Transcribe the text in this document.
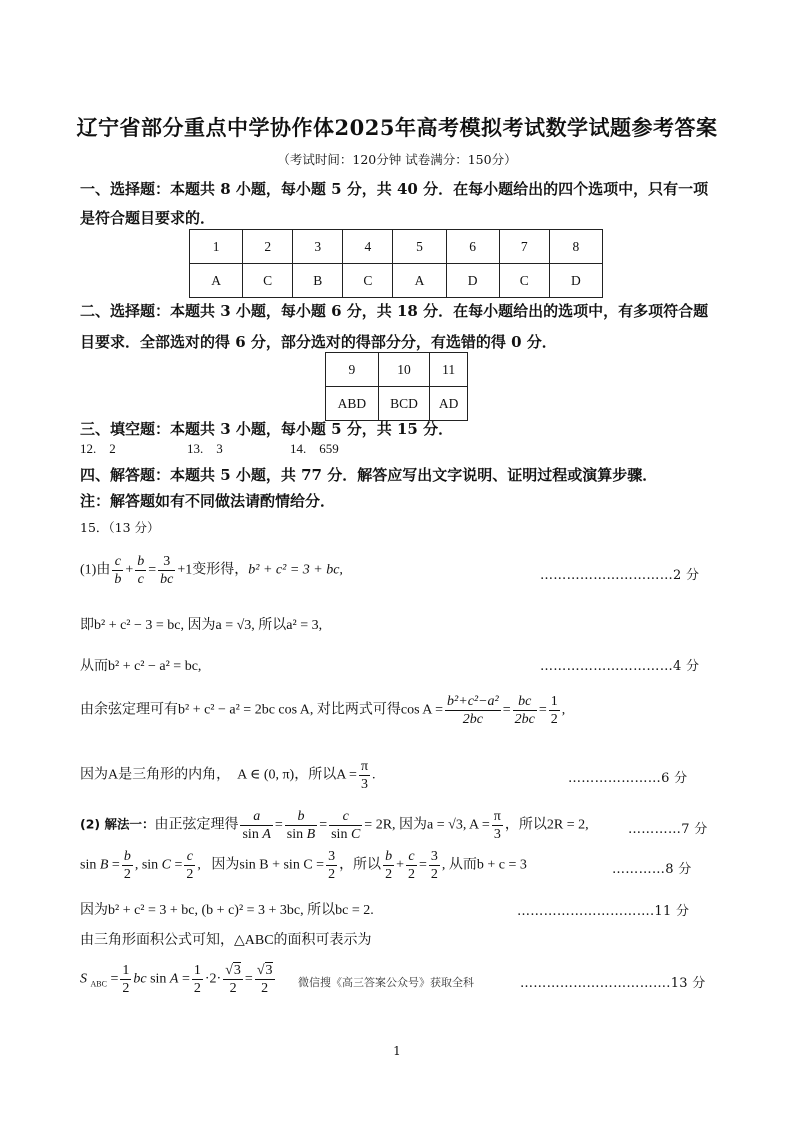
辽宁省部分重点中学协作体2025年高考模拟考试数学试题参考答案
（考试时间：120分钟 试卷满分：150分）
一、选择题：本题共 8 小题，每小题 5 分，共 40 分．在每小题给出的四个选项中，只有一项
是符合题目要求的．
1	2	3	4	5	6	7	8
A	C	B	C	A	D	C	D
二、选择题：本题共 3 小题，每小题 6 分，共 18 分．在每小题给出的选项中，有多项符合题
目要求．全部选对的得 6 分，部分选对的得部分分，有选错的得 0 分．
9	10	11
ABD	BCD	AD
三、填空题：本题共 3 小题，每小题 5 分，共 15 分．
12. 2	13. 3	14. 659
四、解答题：本题共 5 小题，共 77 分．解答应写出文字说明、证明过程或演算步骤．
注：解答题如有不同做法请酌情给分．
15．（13 分）
(1)由 $\frac{c}{b} + \frac{b}{c} = \frac{3}{bc} +1$变形得，b² + c² = 3 + bc,	…………………………2 分
即b² + c² − 3 = bc, 因为a = √3, 所以a² = 3,
从而b² + c² − a² = bc,	…………………………4 分
由余弦定理可有b² + c² − a² = 2bc cos A, 对比两式可得$\cos A = \frac{\text{b²+c²−a²}}{2bc} = \frac{bc}{2bc} = \frac{1}{2}$ ,
因为A是三角形的内角， A ∈ (0, π)，所以$A = \frac{\pi}{3}$ .	…………………6 分
(2) 解法一：由正弦定理得 $\frac{a}{\text{sin A}} = \frac{b}{\text{sin B}} = \frac{c}{\text{sin C}} = 2R$, 因为a = √3, $A = \frac{\pi}{3}$ ，所以2R = 2,	…………7 分
$\sin B = \frac{b}{2}$ , $\sin C = \frac{c}{2}$ ,   因为$\sin B + \sin C = \frac{3}{2}$ ，所以 $\frac{b}{2} + \frac{c}{2} = \frac{3}{2}$ , 从而b + c = 3	…………8 分
因为b² + c² = 3 + bc, (b + c)² = 3 + 3bc, 所以bc = 2.	………………………….11 分
由三角形面积公式可知，△ABC的面积可表示为
S $_{ABC} = \frac{1}{2}$ bc $\sin A = \frac{1}{2} \cdot 2\cdot \frac{√3}{2} = \frac{√3}{2}$ 微信搜《高三答案公众号》获取全科	…………………………….13 分
1
